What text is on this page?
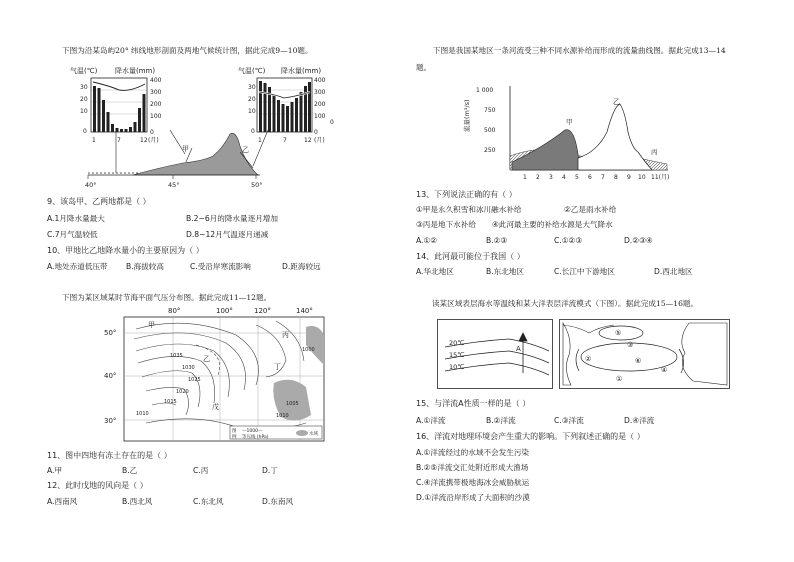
下图为沿某岛屿20° 纬线地形剖面及两地气候统计图，据此完成9—10题。
气温(℃)	降水量(mm)
30
20
10
0
400
300
200
100
0
1	7	12 (月)
气温(℃) 降水量(mm)
30
20
10
0
400
300
200
100
0
0
1	7	12 (月)
甲	乙
40°	45°	50°
9、该岛甲、乙两地都是（ ）
A.1月降水量最大	B.2~6月的降水量逐月增加
C.7月气温较低	D.8~12月气温逐月递减
10、甲地比乙地降水量小的主要原因为（ ）
A.地处赤道低压带 B.海拔较高	C.受沿岸寒流影响	D.距海较远
下图为某区域某时节海平面气压分布图。据此完成11—12题。
80°	100°	120°	140°
50°
40°
30°
甲
乙
丙
丁
戊
1035
1030
1025
1020
1015
1010
1005
1010
1000
图
例
—1000—
等压线 (hPa)
水域
11、图中四地有冻土存在的是（ ）
A.甲	B.乙	C.丙	D.丁
12、此时戊地的风向是（ ）
A.西南风	B.西北风	C.东北风	D.东南风
下图是我国某地区一条河流受三种不同水源补给而形成的流量曲线图。据此完成13—14
题。
流量(m³/s)
1 000
750
500
250
甲
乙
丙
1 2 3 4 5 6 7 8 9 10 11(月)
13、下列说法正确的有（ ）
①甲是永久积雪和冰川融水补给	②乙是雨水补给
③丙是地下水补给 ④此河最主要的补给水源是大气降水
A.①②	B.②③	C.①②③	D.②③④
14、此河最可能位于我国（ ）
A.华北地区	B.东北地区	C.长江中下游地区	D.西北地区
读某区域表层海水等温线和某大洋表层洋流模式（下图）。据此完成15—16题。
20℃
15℃
10℃
A
①
②
③
④
⑤
⑥
15、与洋流A性质一样的是（ ）
A.①洋流	B.②洋流	C.③洋流	D.④洋流
16、洋流对地理环境会产生重大的影响。下列叙述正确的是（ ）
A.①洋流经过的水域不会发生污染
B.②⑤洋流交汇处附近形成大渔场
C.④洋流携带极地海冰会威胁航运
D.①洋流沿岸形成了大面积的沙漠
